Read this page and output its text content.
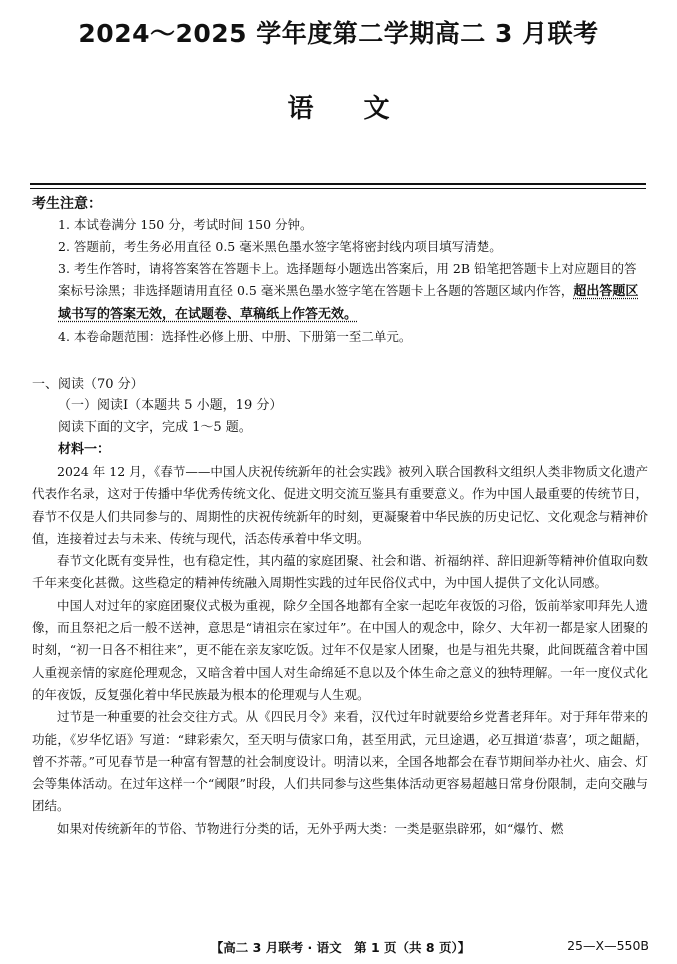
2024～2025 学年度第二学期高二 3 月联考
语文
考生注意：

1. 本试卷满分 150 分，考试时间 150 分钟。

2. 答题前，考生务必用直径 0.5 毫米黑色墨水签字笔将密封线内项目填写清楚。

3. 考生作答时，请将答案答在答题卡上。选择题每小题选出答案后，用 2B 铅笔把答题卡上对应题目的答案标号涂黑；非选择题请用直径 0.5 毫米黑色墨水签字笔在答题卡上各题的答题区域内作答，超出答题区域书写的答案无效，在试题卷、草稿纸上作答无效。

4. 本卷命题范围：选择性必修上册、中册、下册第一至二单元。

一、阅读（70 分）
（一）阅读Ⅰ（本题共 5 小题，19 分）
阅读下面的文字，完成 1～5 题。
材料一：

2024 年 12 月，《春节——中国人庆祝传统新年的社会实践》被列入联合国教科文组织人类非物质文化遗产代表作名录，这对于传播中华优秀传统文化、促进文明交流互鉴具有重要意义。作为中国人最重要的传统节日，春节不仅是人们共同参与的、周期性的庆祝传统新年的时刻，更凝聚着中华民族的历史记忆、文化观念与精神价值，连接着过去与未来、传统与现代，活态传承着中华文明。

春节文化既有变异性，也有稳定性，其内蕴的家庭团聚、社会和谐、祈福纳祥、辞旧迎新等精神价值取向数千年来变化甚微。这些稳定的精神传统融入周期性实践的过年民俗仪式中，为中国人提供了文化认同感。

中国人对过年的家庭团聚仪式极为重视，除夕全国各地都有全家一起吃年夜饭的习俗，饭前举家叩拜先人遗像，而且祭祀之后一般不送神，意思是“请祖宗在家过年”。在中国人的观念中，除夕、大年初一都是家人团聚的时刻，“初一日各不相往来”，更不能在亲友家吃饭。过年不仅是家人团聚，也是与祖先共聚，此间既蕴含着中国人重视亲情的家庭伦理观念，又暗含着中国人对生命绵延不息以及个体生命之意义的独特理解。一年一度仪式化的年夜饭，反复强化着中华民族最为根本的伦理观与人生观。

过节是一种重要的社会交往方式。从《四民月令》来看，汉代过年时就要给乡党耆老拜年。对于拜年带来的功能，《岁华忆语》写道：“肆彩索欠，至天明与债家口角，甚至用武，元旦途遇，必互揖道‘恭喜’，项之龃龉，曾不芥蒂。”可见春节是一种富有智慧的社会制度设计。明清以来，全国各地都会在春节期间举办社火、庙会、灯会等集体活动。在过年这样一个“阈限”时段，人们共同参与这些集体活动更容易超越日常身份限制，走向交融与团结。

如果对传统新年的节俗、节物进行分类的话，无外乎两大类：一类是驱祟辟邪，如“爆竹、燃

【高二 3 月联考 · 语文　第 1 页（共 8 页）】	25—X—550B
